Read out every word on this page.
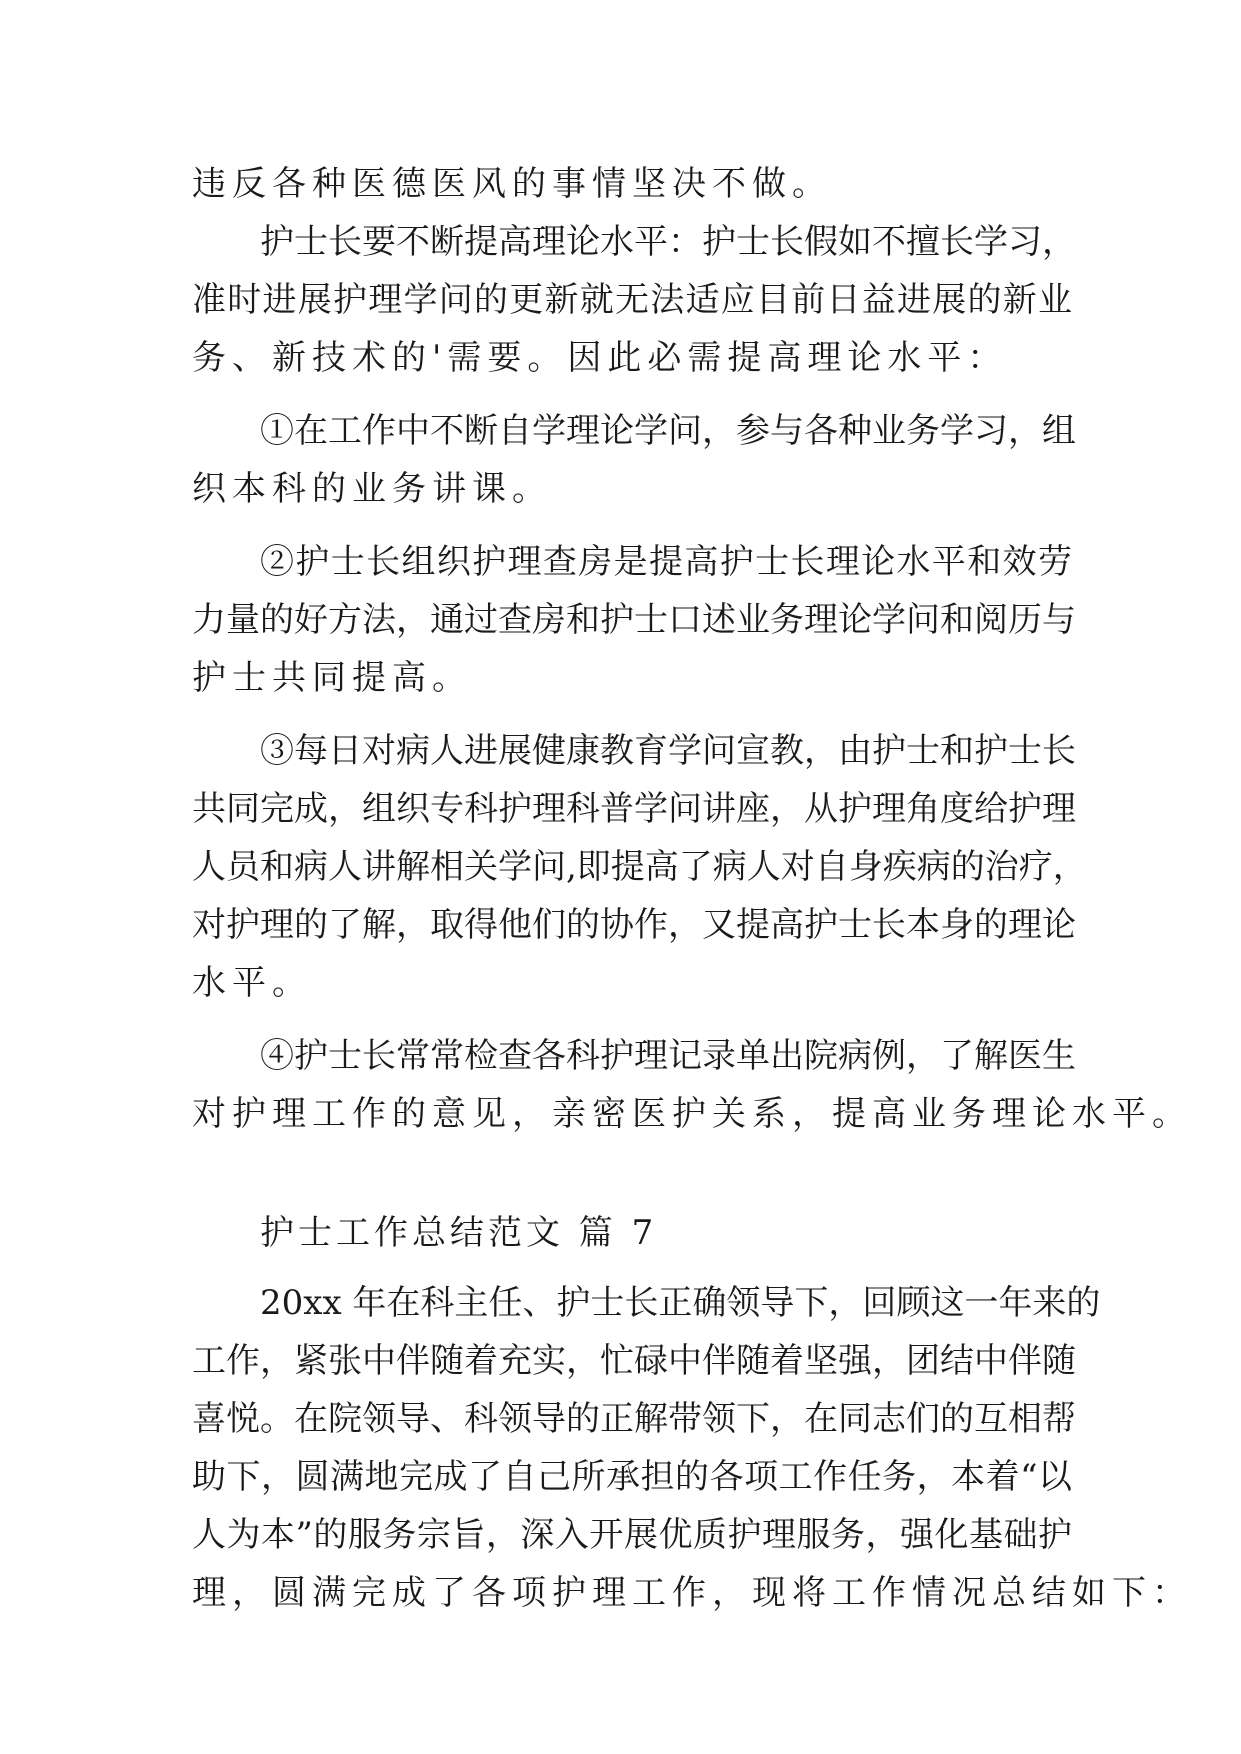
违反各种医德医风的事情坚决不做。
护士长要不断提高理论水平：护士长假如不擅长学习，
准时进展护理学问的更新就无法适应目前日益进展的新业
务、新技术的'需要。因此必需提高理论水平：
①在工作中不断自学理论学问，参与各种业务学习，组
织本科的业务讲课。
②护士长组织护理查房是提高护士长理论水平和效劳
力量的好方法，通过查房和护士口述业务理论学问和阅历与
护士共同提高。
③每日对病人进展健康教育学问宣教，由护士和护士长
共同完成，组织专科护理科普学问讲座，从护理角度给护理
人员和病人讲解相关学问,即提高了病人对自身疾病的治疗，
对护理的了解，取得他们的协作，又提高护士长本身的理论
水平。
④护士长常常检查各科护理记录单出院病例，了解医生
对护理工作的意见，亲密医护关系，提高业务理论水平。
护士工作总结范文 篇 7
20xx 年在科主任、护士长正确领导下，回顾这一年来的
工作，紧张中伴随着充实，忙碌中伴随着坚强，团结中伴随
喜悦。在院领导、科领导的正解带领下，在同志们的互相帮
助下，圆满地完成了自己所承担的各项工作任务，本着“以
人为本”的服务宗旨，深入开展优质护理服务，强化基础护
理，圆满完成了各项护理工作，现将工作情况总结如下：
